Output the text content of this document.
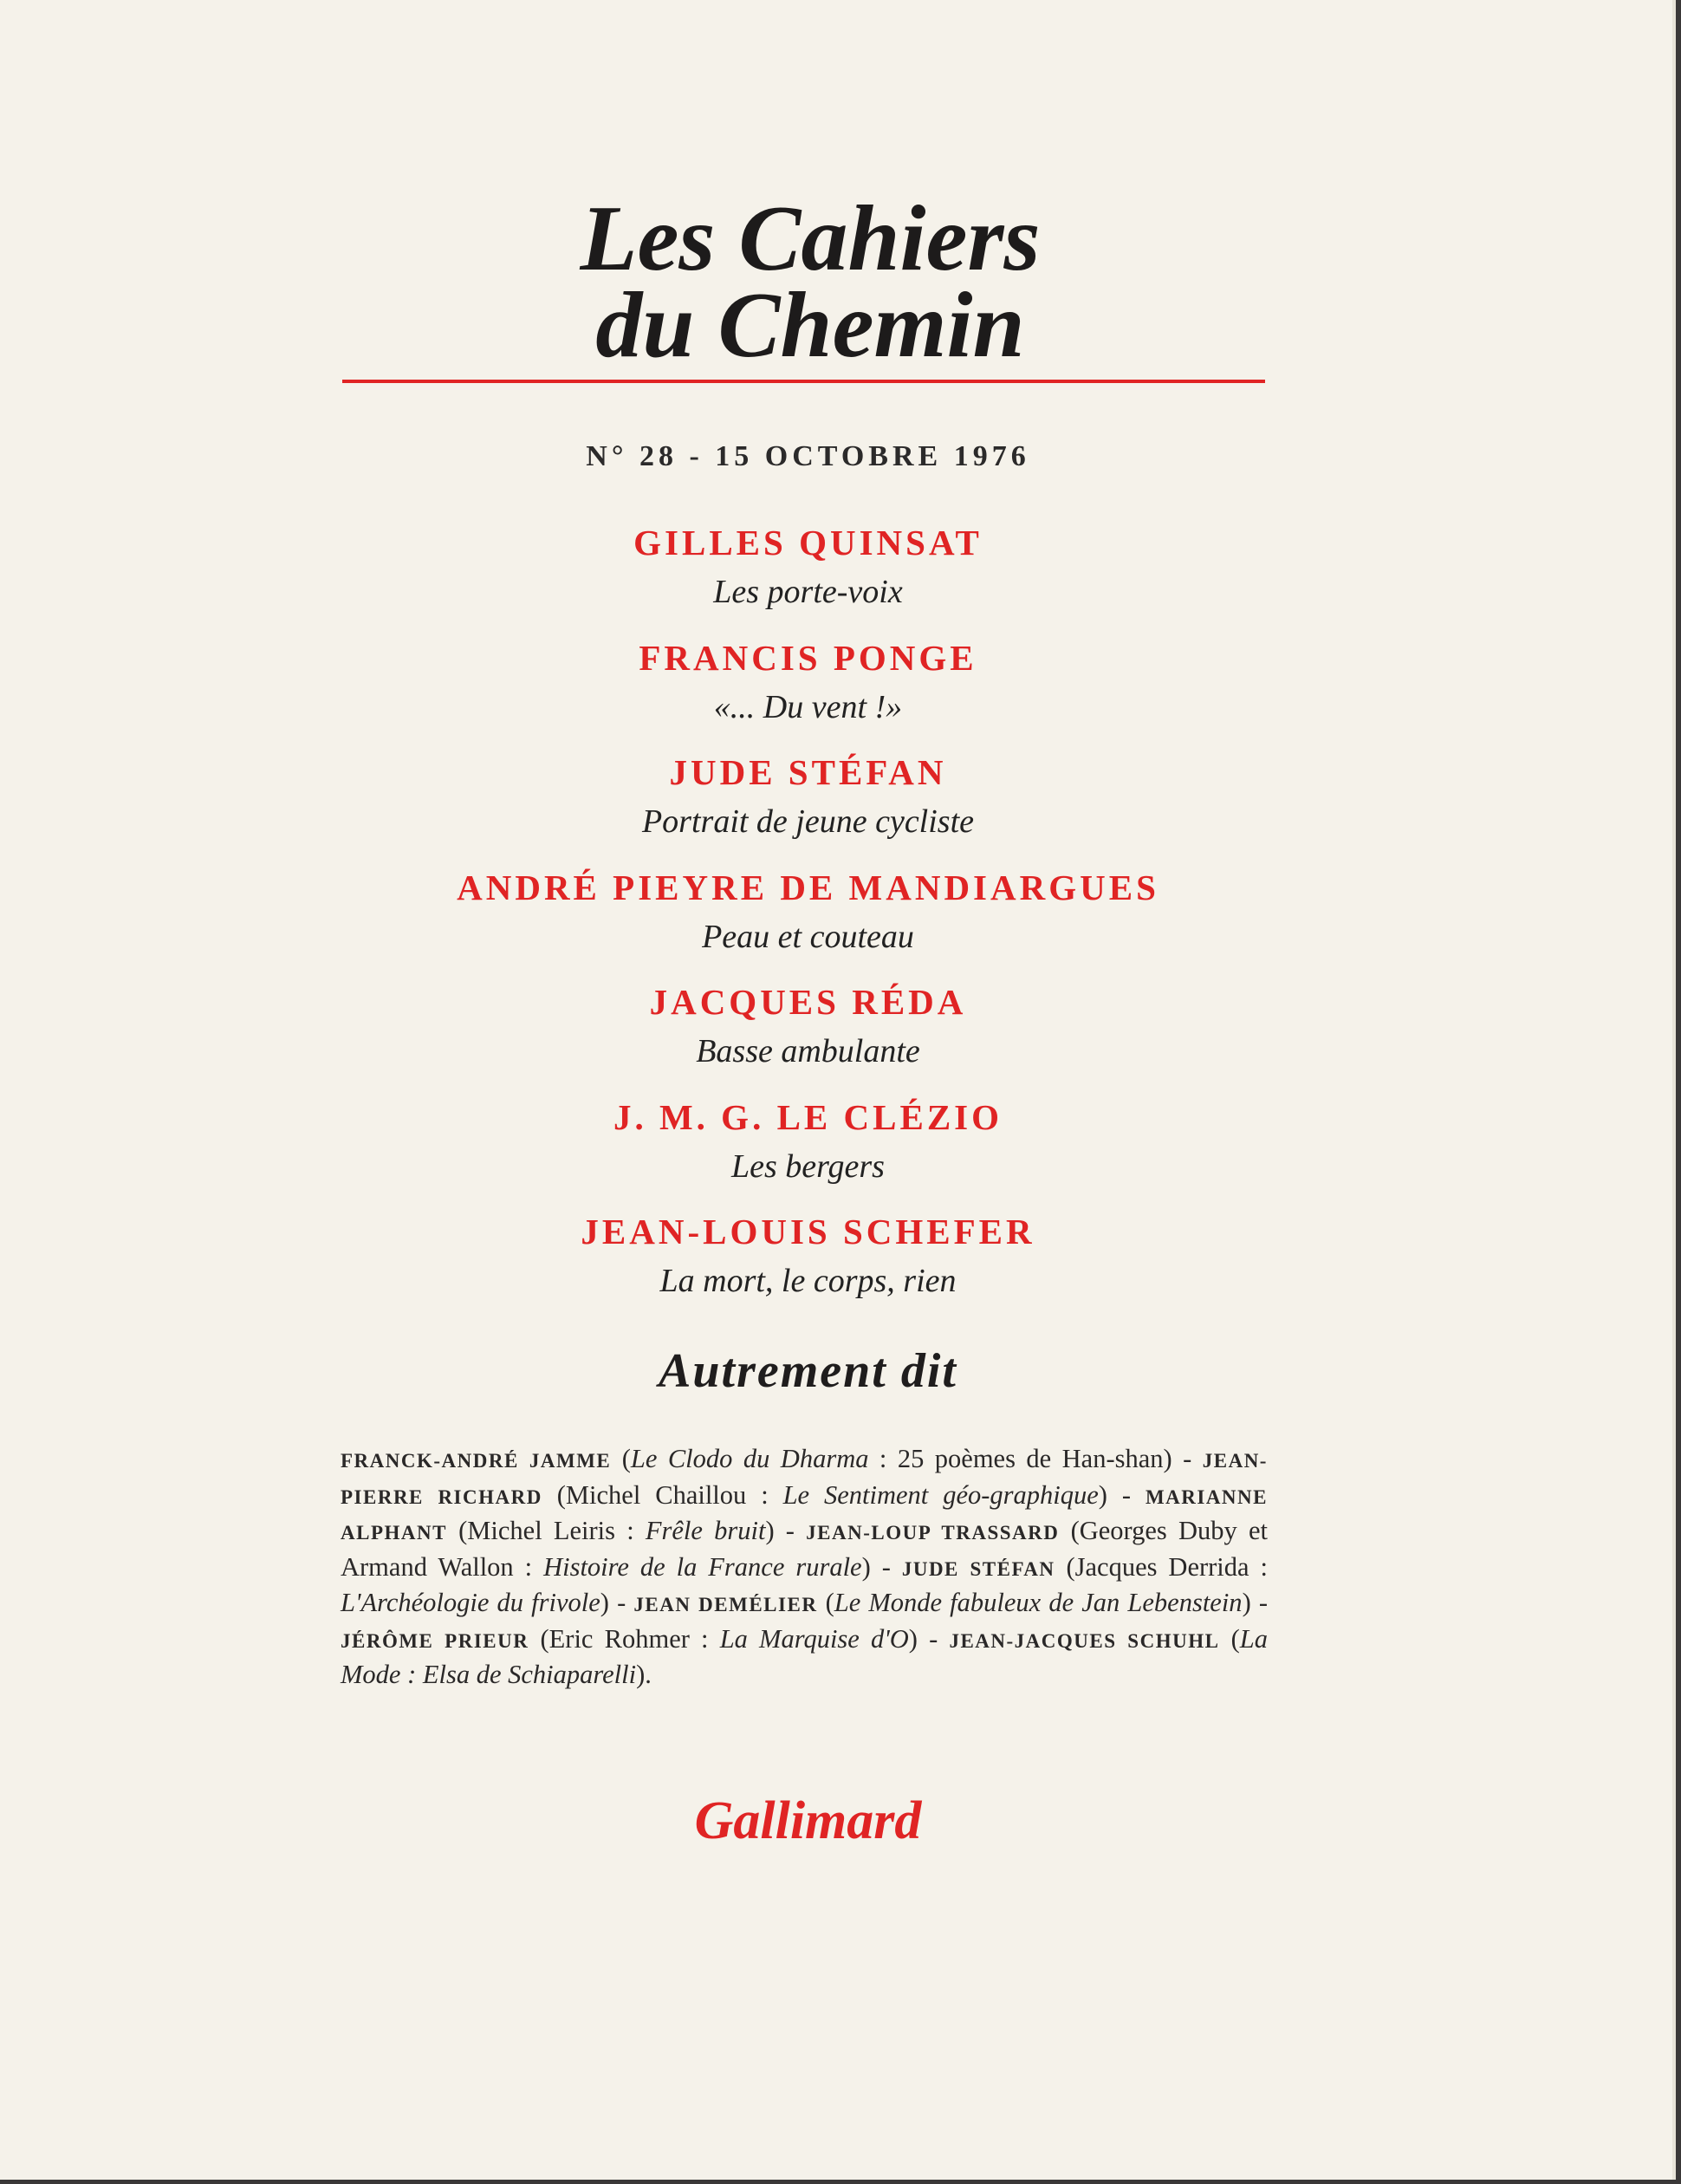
Les Cahiers
du Chemin
N° 28 - 15 OCTOBRE 1976
GILLES QUINSAT
Les porte-voix
FRANCIS PONGE
«... Du vent !»
JUDE STÉFAN
Portrait de jeune cycliste
ANDRÉ PIEYRE DE MANDIARGUES
Peau et couteau
JACQUES RÉDA
Basse ambulante
J. M. G. LE CLÉZIO
Les bergers
JEAN-LOUIS SCHEFER
La mort, le corps, rien
Autrement dit
FRANCK-ANDRÉ JAMME (Le Clodo du Dharma : 25 poèmes de Han-shan) - JEAN-PIERRE RICHARD (Michel Chaillou : Le Sentiment géo-graphique) - MARIANNE ALPHANT (Michel Leiris : Frêle bruit) - JEAN-LOUP TRASSARD (Georges Duby et Armand Wallon : Histoire de la France rurale) - JUDE STÉFAN (Jacques Derrida : L'Archéologie du frivole) - JEAN DEMÉLIER (Le Monde fabuleux de Jan Lebenstein) - JÉRÔME PRIEUR (Eric Rohmer : La Marquise d'O) - JEAN-JACQUES SCHUHL (La Mode : Elsa de Schiaparelli).
Gallimard
